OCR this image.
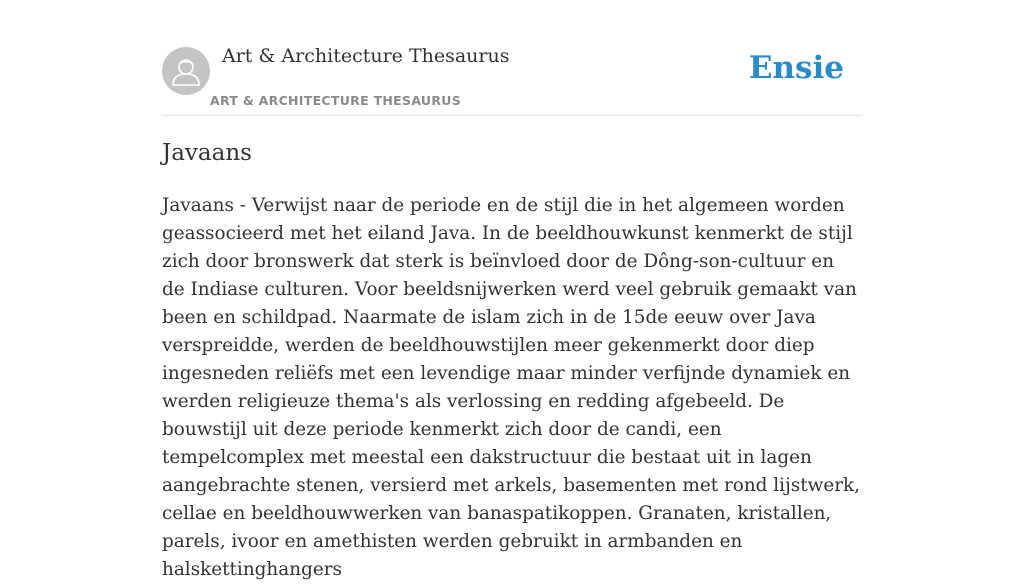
Art & Architecture Thesaurus
ART & ARCHITECTURE THESAURUS
Ensie
Javaans

Javaans - Verwijst naar de periode en de stijl die in het algemeen worden geassocieerd met het eiland Java. In de beeldhouwkunst kenmerkt de stijl zich door bronswerk dat sterk is beïnvloed door de Dông-son-cultuur en de Indiase culturen. Voor beeldsnijwerken werd veel gebruik gemaakt van been en schildpad. Naarmate de islam zich in de 15de eeuw over Java verspreidde, werden de beeldhouwstijlen meer gekenmerkt door diep ingesneden reliëfs met een levendige maar minder verfijnde dynamiek en werden religieuze thema's als verlossing en redding afgebeeld. De bouwstijl uit deze periode kenmerkt zich door de candi, een tempelcomplex met meestal een dakstructuur die bestaat uit in lagen aangebrachte stenen, versierd met arkels, basementen met rond lijstwerk, cellae en beeldhouwwerken van banaspatikoppen. Granaten, kristallen, parels, ivoor en amethisten werden gebruikt in armbanden en halskettinghangers
